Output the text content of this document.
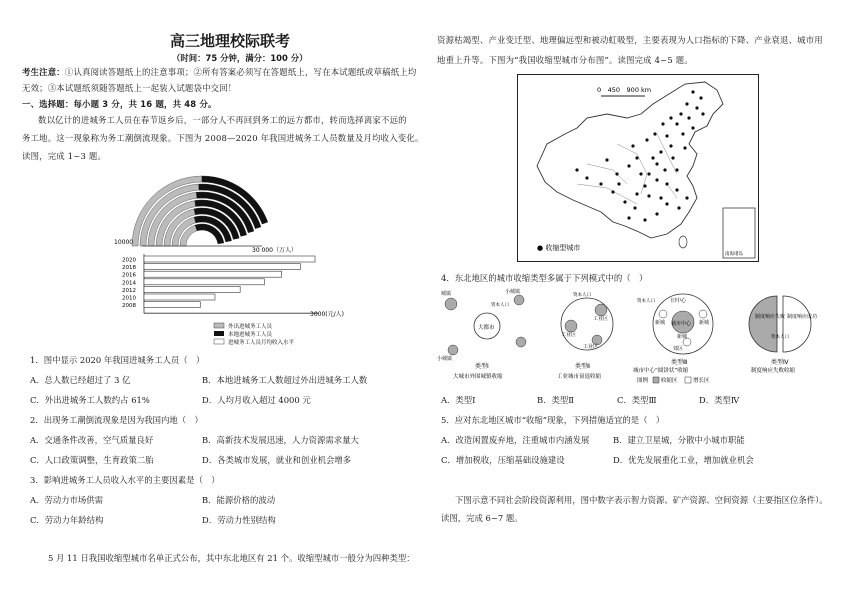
高三地理校际联考
（时间：75 分钟，满分：100 分）
考生注意：①认真阅读答题纸上的注意事项；②所有答案必须写在答题纸上，写在本试题纸或草稿纸上均
无效；③本试题纸须随答题纸上一起装入试题袋中交回！
一、选择题：每小题 3 分，共 16 题，共 48 分。
数以亿计的进城务工人员在春节返乡后，一部分人不再回到务工的远方都市，转而选择离家不远的
务工地。这一现象称为务工潮倒流现象。下图为 2008—2020 年我国进城务工人员数量及月均收入变化。
读图，完成 1~3 题。
10000
30 000（万人）
2020
2018
2016
2014
2012
2010
2008
3000(元/人)
外出进城务工人员
本地进城务工人员
进城务工人员月均收入水平
1．图中显示 2020 年我国进城务工人员（　）
A．总人数已经超过了 3 亿	B．本地进城务工人数超过外出进城务工人数
C．外出进城务工人数约占 61%	D．人均月收入超过 4000 元
2．出现务工潮倒流现象是因为我国内地（　）
A．交通条件改善，空气质量良好	B．高新技术发展迅速，人力资源需求量大
C．人口政策调整，生育政策二胎	D．各类城市发展，就业和创业机会增多
3．影响进城务工人员收入水平的主要因素是（　）
A．劳动力市场供需	B．能源价格的波动
C．劳动力年龄结构	D．劳动力性别结构
5 月 11 日我国收缩型城市名单正式公布，其中东北地区有 21 个。收缩型城市一般分为四种类型：
资源枯竭型、产业变迁型、地理偏远型和被动虹吸型，主要表现为人口指标的下降、产业衰退、城市用
地重上升等。下图为“我国收缩型城市分布图”。读图完成 4~5 题。
0　450　900 km
● 收缩型城市
南海诸岛
4．东北地区的城市收缩类型多属于下列模式中的（　）
大都市
城镇	小城镇
小城镇
资本人口
类型Ⅰ
大城市外围城镇收缩
工业区
工业区
工业区
资本人口
类型Ⅱ
工业城市衰退收缩
城市中心
旧中心
新城	新城
新城
郊区
资本人口
类型Ⅲ
城市中心“圆饼状”收缩
制度响应失败 制度响应成功
资本人口
类型Ⅳ
制度响应失败收缩
图例 收缩区	增长区
A．类型Ⅰ	B．类型Ⅱ	C．类型Ⅲ	D．类型Ⅳ
5．应对东北地区城市“收缩”现象，下列措施适宜的是（　）
A．改造闲置废弃地，注重城市内涵发展	B．建立卫星城，分散中小城市职能
C．增加税收，压缩基础设施建设	D．优先发展重化工业，增加就业机会
下图示意不同社会阶段资源利用，图中数字表示智力资源、矿产资源、空间资源（主要指区位条件）。
读图，完成 6~7 题。
